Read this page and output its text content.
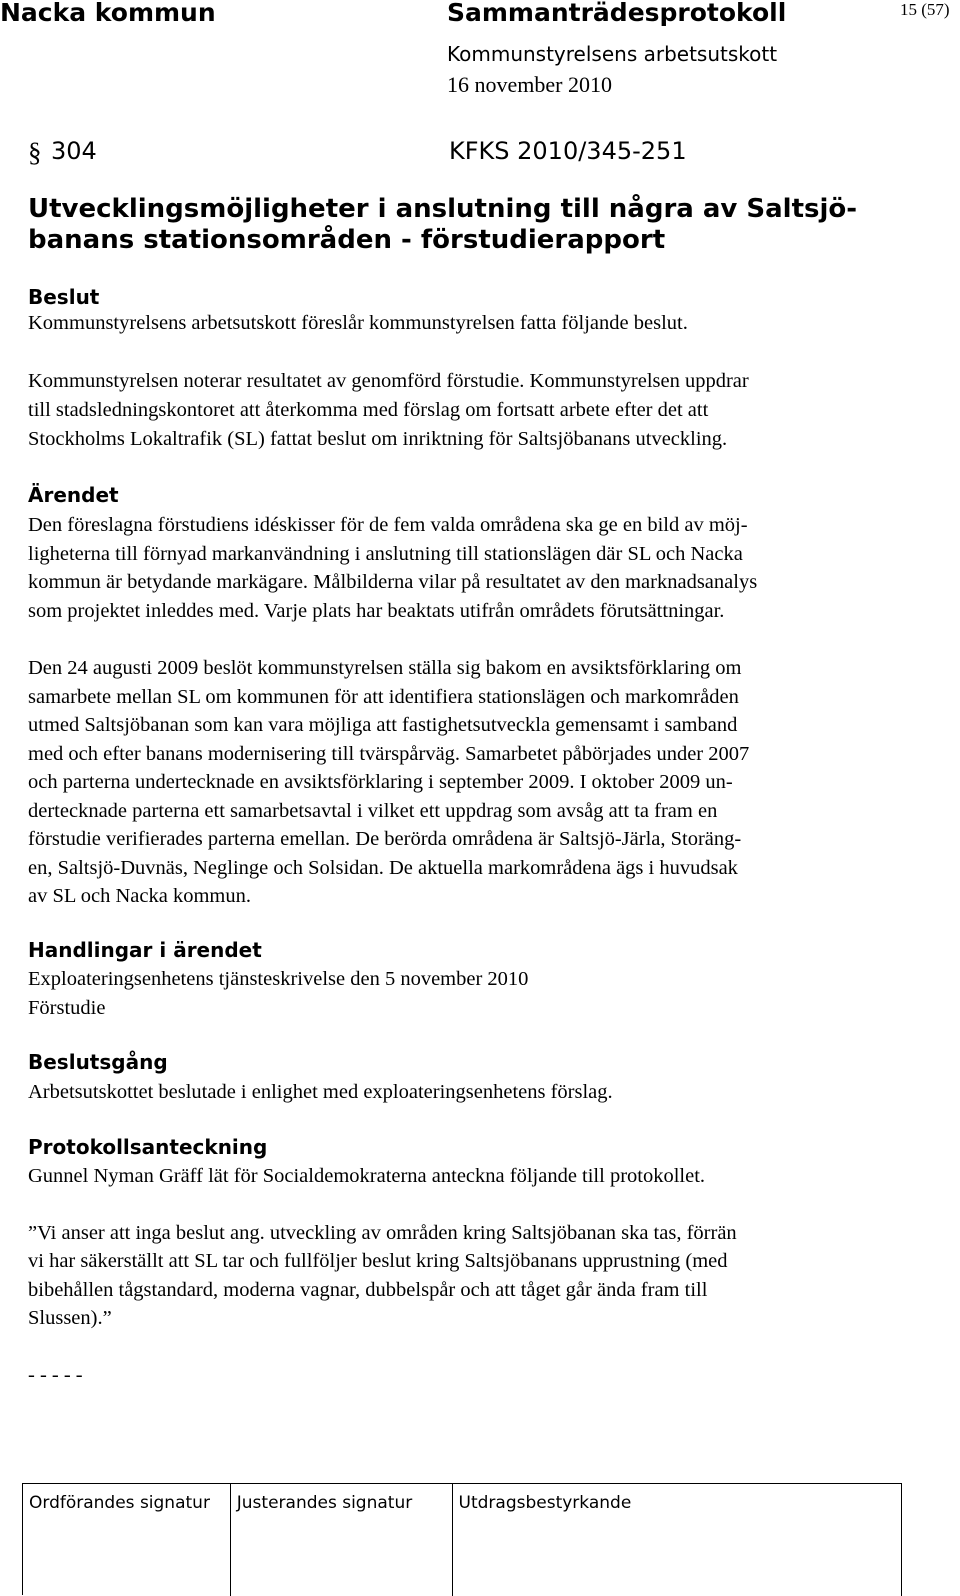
Nacka kommun	Sammanträdesprotokoll	15 (57)
Kommunstyrelsens arbetsutskott
16 november 2010
§ 304	KFKS 2010/345-251
Utvecklingsmöjligheter i anslutning till några av Saltsjö-
banans stationsområden - förstudierapport
Beslut
Kommunstyrelsens arbetsutskott föreslår kommunstyrelsen fatta följande beslut.
Kommunstyrelsen noterar resultatet av genomförd förstudie. Kommunstyrelsen uppdrar
till stadsledningskontoret att återkomma med förslag om fortsatt arbete efter det att
Stockholms Lokaltrafik (SL) fattat beslut om inriktning för Saltsjöbanans utveckling.
Ärendet
Den föreslagna förstudiens idéskisser för de fem valda områdena ska ge en bild av möj-
ligheterna till förnyad markanvändning i anslutning till stationslägen där SL och Nacka
kommun är betydande markägare. Målbilderna vilar på resultatet av den marknadsanalys
som projektet inleddes med. Varje plats har beaktats utifrån områdets förutsättningar.
Den 24 augusti 2009 beslöt kommunstyrelsen ställa sig bakom en avsiktsförklaring om
samarbete mellan SL om kommunen för att identifiera stationslägen och markområden
utmed Saltsjöbanan som kan vara möjliga att fastighetsutveckla gemensamt i samband
med och efter banans modernisering till tvärspårväg. Samarbetet påbörjades under 2007
och parterna undertecknade en avsiktsförklaring i september 2009. I oktober 2009 un-
dertecknade parterna ett samarbetsavtal i vilket ett uppdrag som avsåg att ta fram en
förstudie verifierades parterna emellan. De berörda områdena är Saltsjö-Järla, Storäng-
en, Saltsjö-Duvnäs, Neglinge och Solsidan. De aktuella markområdena ägs i huvudsak
av SL och Nacka kommun.
Handlingar i ärendet
Exploateringsenhetens tjänsteskrivelse den 5 november 2010
Förstudie
Beslutsgång
Arbetsutskottet beslutade i enlighet med exploateringsenhetens förslag.
Protokollsanteckning
Gunnel Nyman Gräff lät för Socialdemokraterna anteckna följande till protokollet.
”Vi anser att inga beslut ang. utveckling av områden kring Saltsjöbanan ska tas, förrän
vi har säkerställt att SL tar och fullföljer beslut kring Saltsjöbanans upprustning (med
bibehållen tågstandard, moderna vagnar, dubbelspår och att tåget går ända fram till
Slussen).”
- - - - -
Ordförandes signatur	Justerandes signatur	Utdragsbestyrkande
